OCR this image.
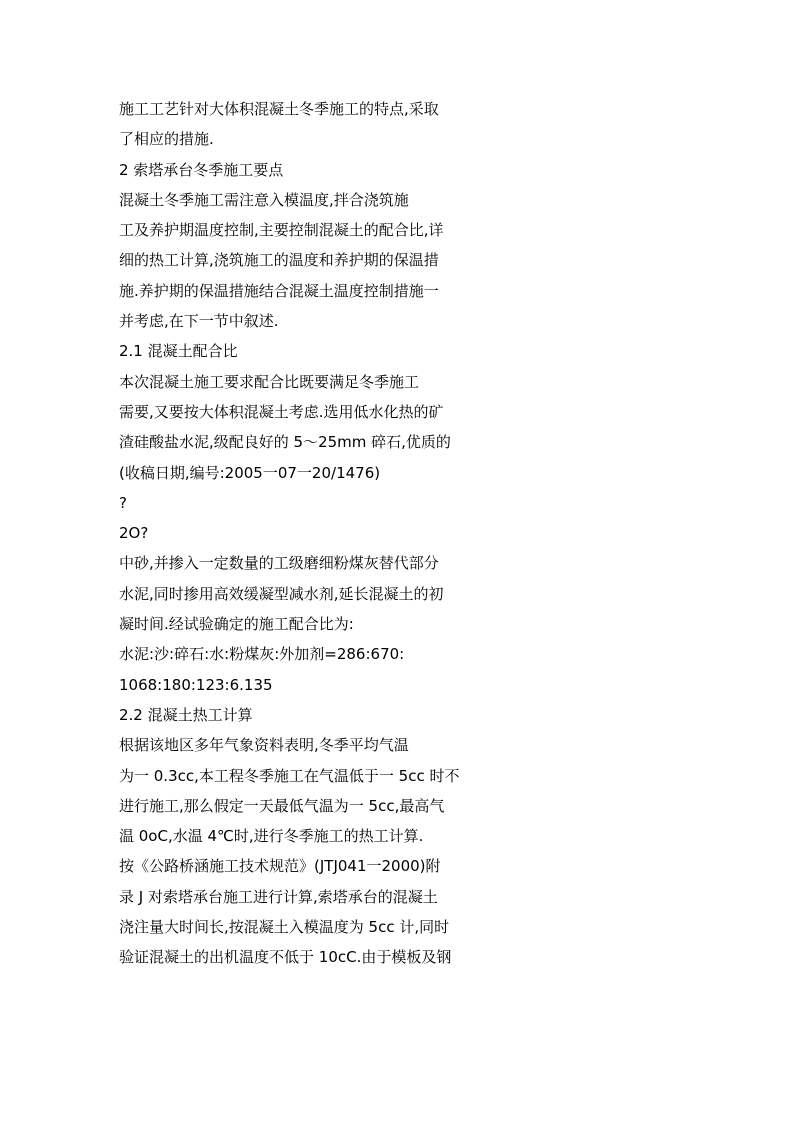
施工工艺针对大体积混凝土冬季施工的特点,采取
了相应的措施.
2 索塔承台冬季施工要点
混凝土冬季施工需注意入模温度,拌合浇筑施
工及养护期温度控制,主要控制混凝土的配合比,详
细的热工计算,浇筑施工的温度和养护期的保温措
施.养护期的保温措施结合混凝土温度控制措施一
并考虑,在下一节中叙述.
2.1 混凝土配合比
本次混凝土施工要求配合比既要满足冬季施工
需要,又要按大体积混凝土考虑.选用低水化热的矿
渣硅酸盐水泥,级配良好的 5～25mm 碎石,优质的
(收稿日期,编号:2005一07一20/1476)
?
2O?
中砂,并掺入一定数量的工级磨细粉煤灰替代部分
水泥,同时掺用高效缓凝型减水剂,延长混凝土的初
凝时间.经试验确定的施工配合比为:
水泥:沙:碎石:水:粉煤灰:外加剂=286:670:
1068:180:123:6.135
2.2 混凝土热工计算
根据该地区多年气象资料表明,冬季平均气温
为一 0.3cc,本工程冬季施工在气温低于一 5cc 时不
进行施工,那么假定一天最低气温为一 5cc,最高气
温 0oC,水温 4℃时,进行冬季施工的热工计算.
按《公路桥涵施工技术规范》(JTJ041一2000)附
录 J 对索塔承台施工进行计算,索塔承台的混凝土
浇注量大时间长,按混凝土入模温度为 5cc 计,同时
验证混凝土的出机温度不低于 10cC.由于模板及钢
